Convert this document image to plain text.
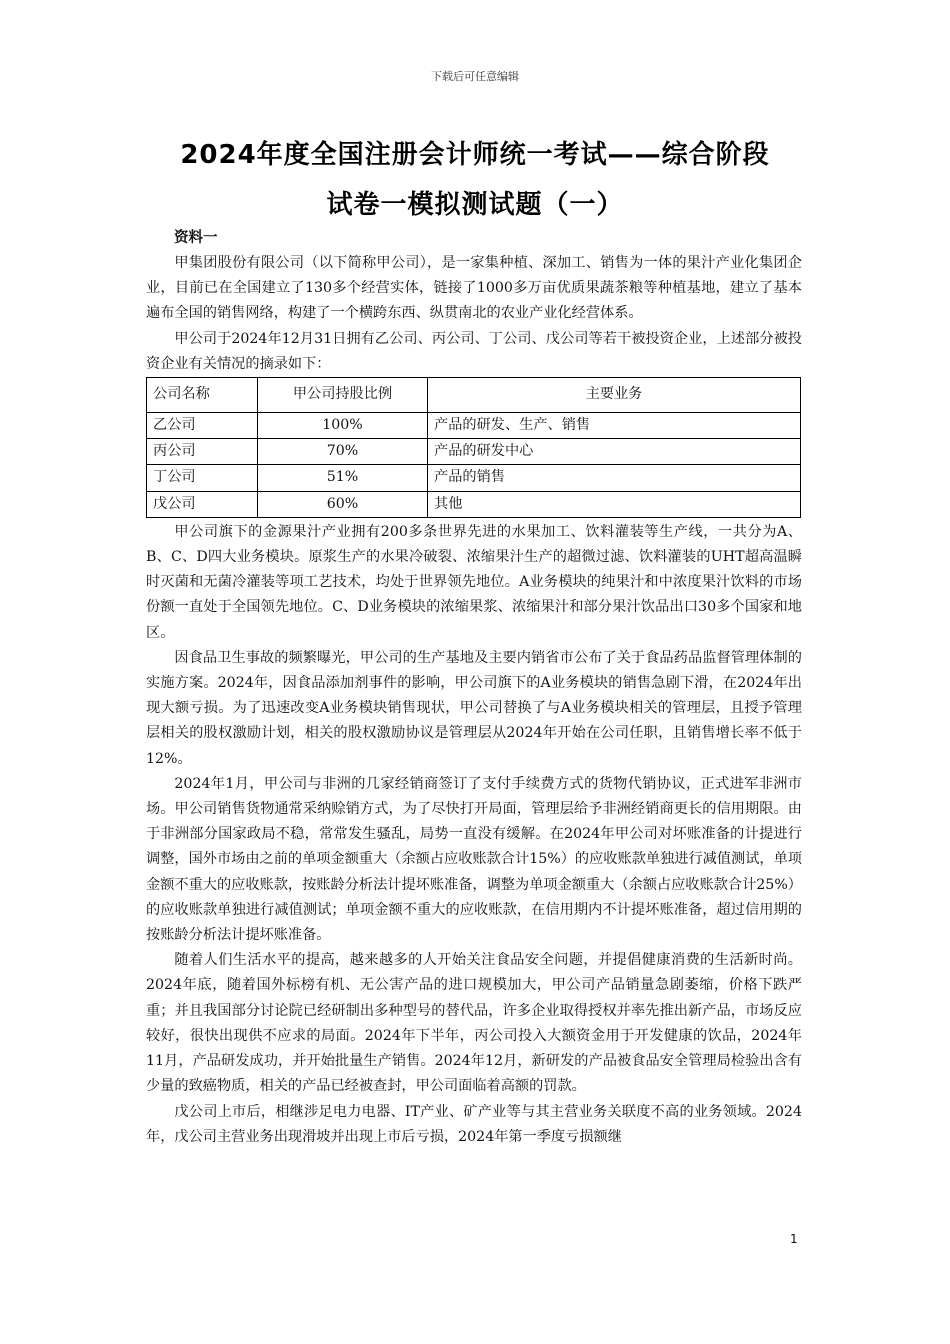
下载后可任意编辑
2024年度全国注册会计师统一考试——综合阶段
试卷一模拟测试题（一）
资料一

甲集团股份有限公司（以下简称甲公司），是一家集种植、深加工、销售为一体的果汁产业化集团企业，目前已在全国建立了130多个经营实体，链接了1000多万亩优质果蔬茶粮等种植基地，建立了基本遍布全国的销售网络，构建了一个横跨东西、纵贯南北的农业产业化经营体系。

甲公司于2024年12月31日拥有乙公司、丙公司、丁公司、戊公司等若干被投资企业，上述部分被投资企业有关情况的摘录如下：

公司名称	甲公司持股比例	主要业务
乙公司	100%	产品的研发、生产、销售
丙公司	70%	产品的研发中心
丁公司	51%	产品的销售
戊公司	60%	其他

甲公司旗下的金源果汁产业拥有200多条世界先进的水果加工、饮料灌装等生产线，一共分为A、B、C、D四大业务模块。原浆生产的水果冷破裂、浓缩果汁生产的超微过滤、饮料灌装的UHT超高温瞬时灭菌和无菌冷灌装等项工艺技术，均处于世界领先地位。A业务模块的纯果汁和中浓度果汁饮料的市场份额一直处于全国领先地位。C、D业务模块的浓缩果浆、浓缩果汁和部分果汁饮品出口30多个国家和地区。

因食品卫生事故的频繁曝光，甲公司的生产基地及主要内销省市公布了关于食品药品监督管理体制的实施方案。2024年，因食品添加剂事件的影响，甲公司旗下的A业务模块的销售急剧下滑，在2024年出现大额亏损。为了迅速改变A业务模块销售现状，甲公司替换了与A业务模块相关的管理层，且授予管理层相关的股权激励计划，相关的股权激励协议是管理层从2024年开始在公司任职，且销售增长率不低于12%。

2024年1月，甲公司与非洲的几家经销商签订了支付手续费方式的货物代销协议，正式进军非洲市场。甲公司销售货物通常采纳赊销方式，为了尽快打开局面，管理层给予非洲经销商更长的信用期限。由于非洲部分国家政局不稳，常常发生骚乱，局势一直没有缓解。在2024年甲公司对坏账准备的计提进行调整，国外市场由之前的单项金额重大（余额占应收账款合计15%）的应收账款单独进行减值测试，单项金额不重大的应收账款，按账龄分析法计提坏账准备，调整为单项金额重大（余额占应收账款合计25%）的应收账款单独进行减值测试；单项金额不重大的应收账款，在信用期内不计提坏账准备，超过信用期的按账龄分析法计提坏账准备。

随着人们生活水平的提高，越来越多的人开始关注食品安全问题，并提倡健康消费的生活新时尚。2024年底，随着国外标榜有机、无公害产品的进口规模加大，甲公司产品销量急剧萎缩，价格下跌严重；并且我国部分讨论院已经研制出多种型号的替代品，许多企业取得授权并率先推出新产品，市场反应较好，很快出现供不应求的局面。2024年下半年，丙公司投入大额资金用于开发健康的饮品，2024年11月，产品研发成功，并开始批量生产销售。2024年12月，新研发的产品被食品安全管理局检验出含有少量的致癌物质，相关的产品已经被查封，甲公司面临着高额的罚款。

戊公司上市后，相继涉足电力电器、IT产业、矿产业等与其主营业务关联度不高的业务领域。2024年，戊公司主营业务出现滑坡并出现上市后亏损，2024年第一季度亏损额继

1
